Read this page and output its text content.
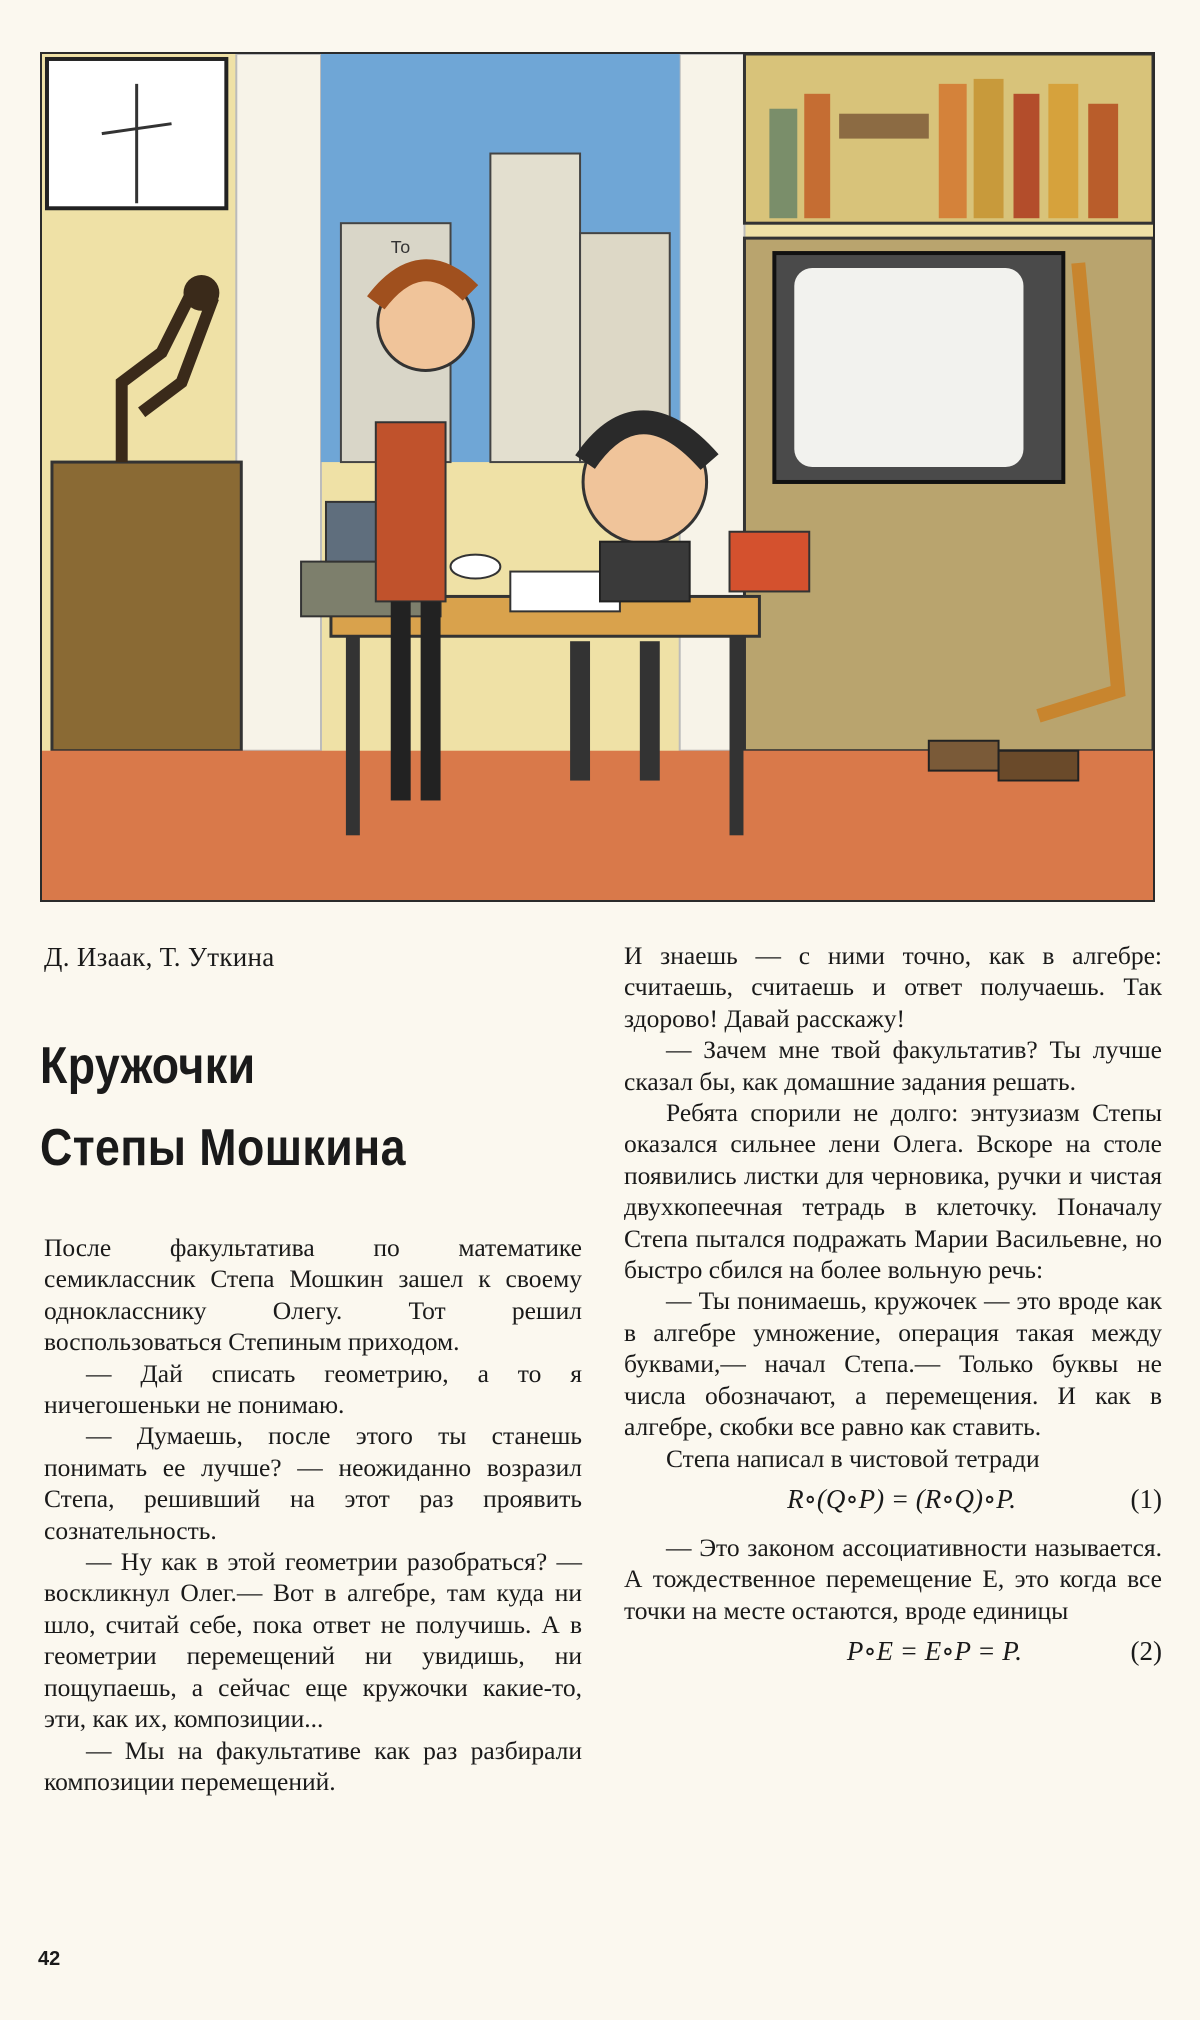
То
Д. Изаак, Т. Уткина
Кружочки
Степы Мошкина

После факультатива по математике семиклассник Степа Мошкин зашел к своему однокласснику Олегу. Тот решил воспользоваться Степиным приходом.

— Дай списать геометрию, а то я ничегошеньки не понимаю.

— Думаешь, после этого ты станешь понимать ее лучше? — неожиданно возразил Степа, решивший на этот раз проявить сознательность.

— Ну как в этой геометрии разобраться? — воскликнул Олег.— Вот в алгебре, там куда ни шло, считай себе, пока ответ не получишь. А в геометрии перемещений ни увидишь, ни пощупаешь, а сейчас еще кружочки какие-то, эти, как их, композиции...

— Мы на факультативе как раз разбирали композиции перемещений.

И знаешь — с ними точно, как в алгебре: считаешь, считаешь и ответ получаешь. Так здорово! Давай расскажу!

— Зачем мне твой факультатив? Ты лучше сказал бы, как домашние задания решать.

Ребята спорили не долго: энтузиазм Степы оказался сильнее лени Олега. Вскоре на столе появились листки для черновика, ручки и чистая двухкопеечная тетрадь в клеточку. Поначалу Степа пытался подражать Марии Васильевне, но быстро сбился на более вольную речь:

— Ты понимаешь, кружочек — это вроде как в алгебре умножение, операция такая между буквами,— начал Степа.— Только буквы не числа обозначают, а перемещения. И как в алгебре, скобки все равно как ставить.

Степа написал в чистовой тетради

R∘(Q∘P) = (R∘Q)∘P.	(1)

— Это законом ассоциативности называется. А тождественное перемещение E, это когда все точки на месте остаются, вроде единицы

P∘E = E∘P = P.	(2)
42
